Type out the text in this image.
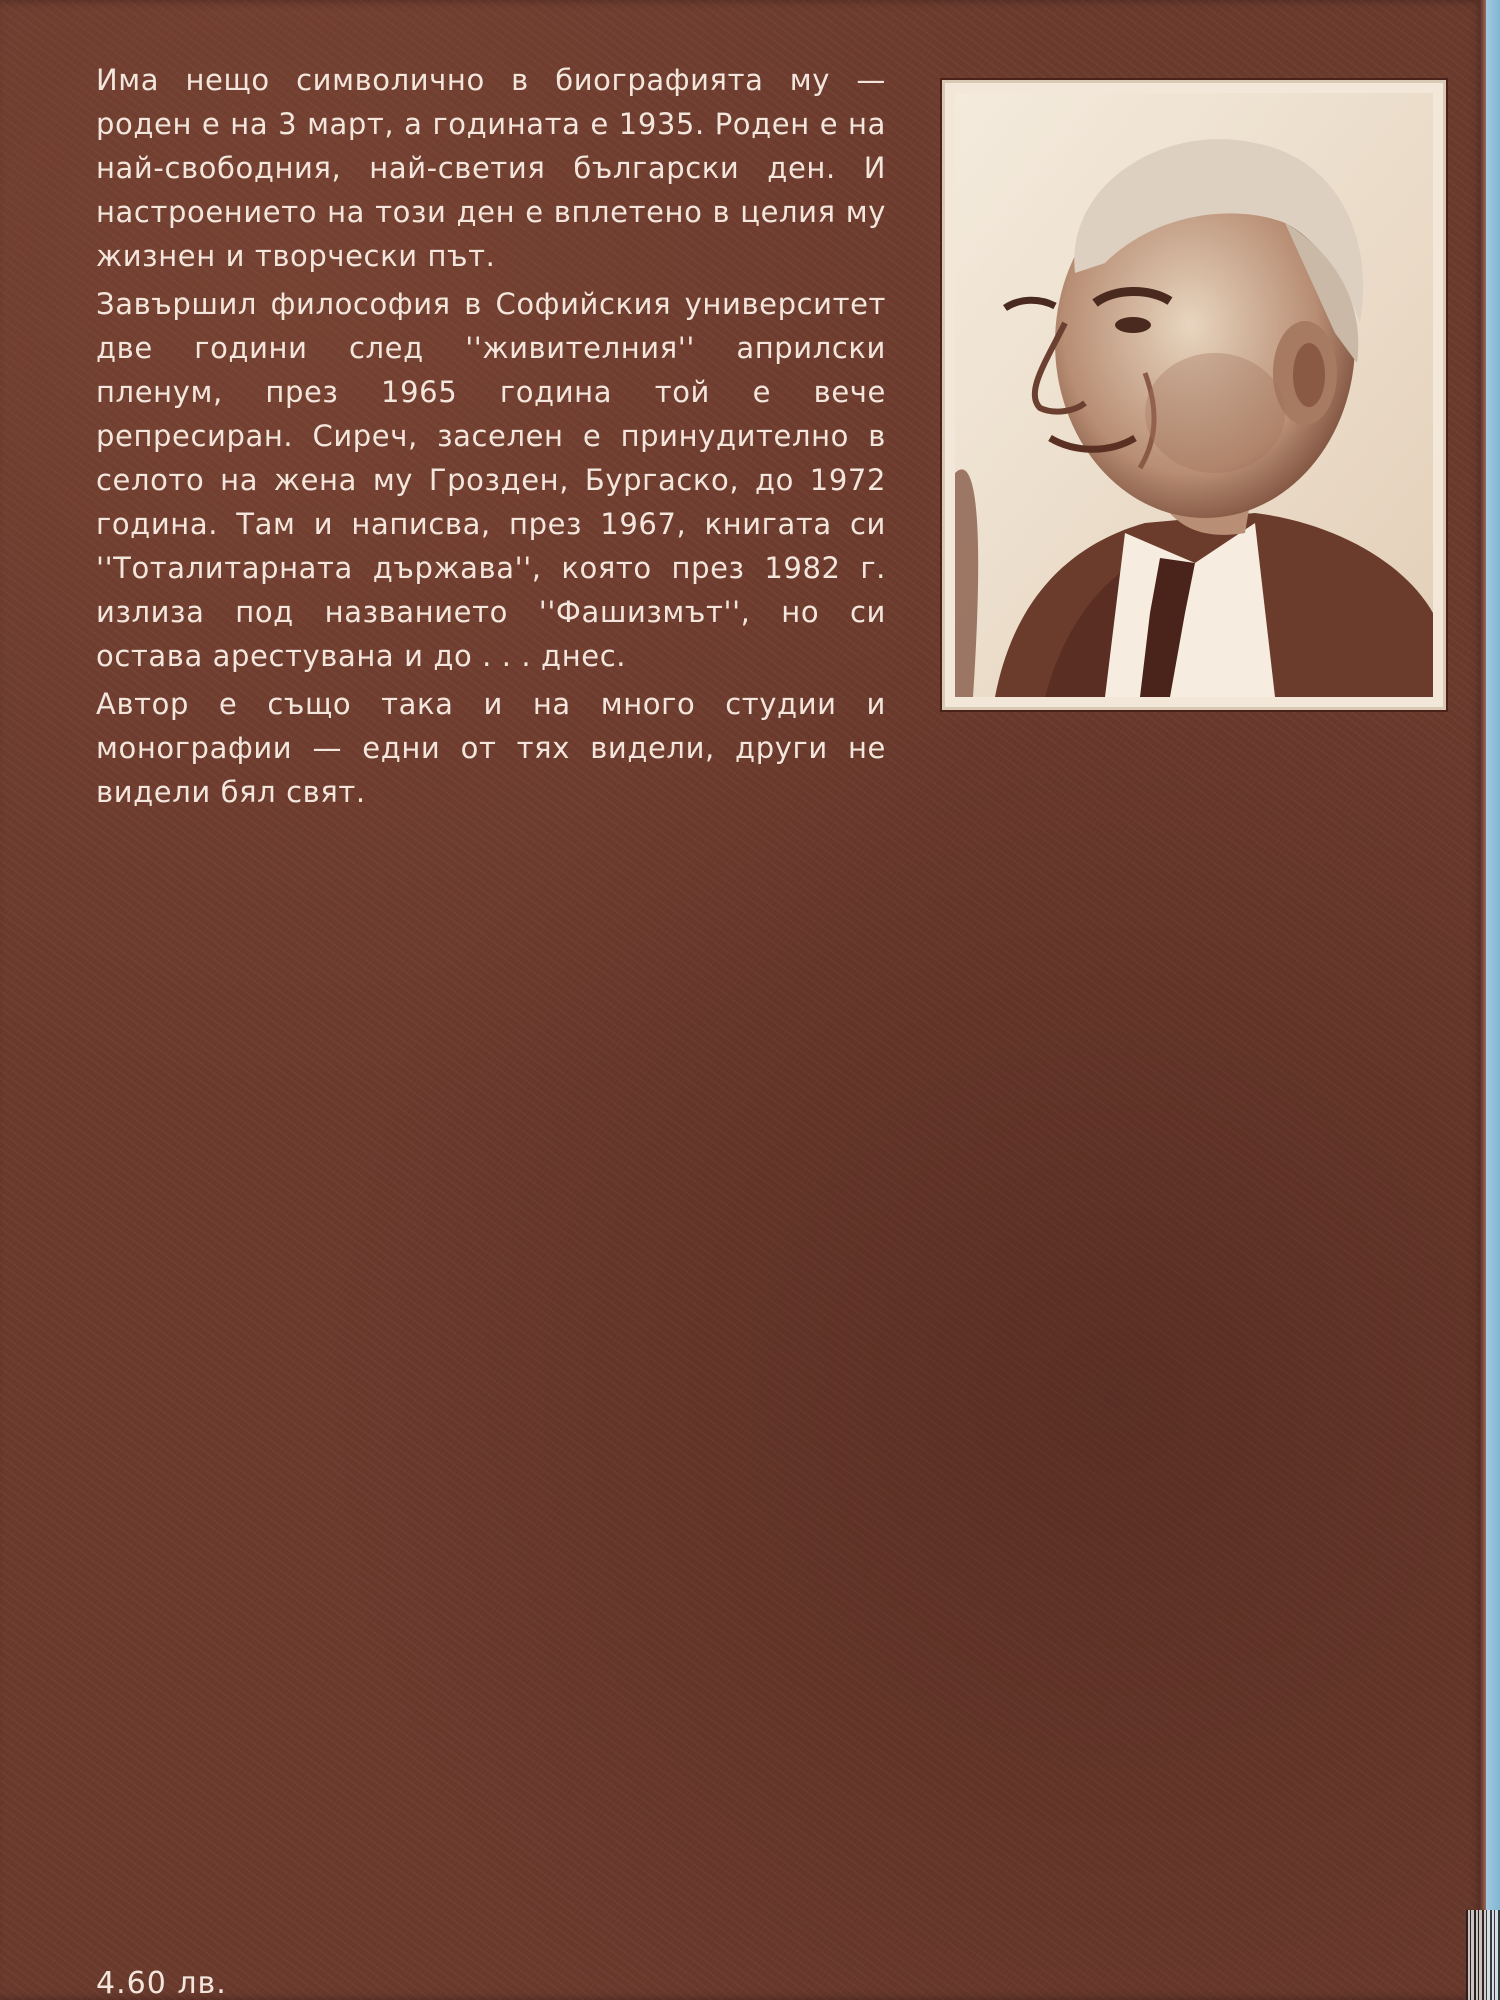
Има нещо символично в биографията му — роден е на 3 март, а годината е 1935. Роден е на най-свободния, най-светия български ден. И настроението на този ден е вплетено в целия му жизнен и творчески път.

Завършил философия в Софийския университет две години след ''живителния'' априлски пленум, през 1965 година той е вече репресиран. Сиреч, заселен е принудително в селото на жена му Грозден, Бургаско, до 1972 година. Там и написва, през 1967, книгата си ''Тоталитарната държава'', която през 1982 г. излиза под названието ''Фашизмът'', но си остава арестувана и до . . . днес.

Автор е също така и на много студии и монографии — едни от тях видели, други не видели бял свят.

4.60 лв.
